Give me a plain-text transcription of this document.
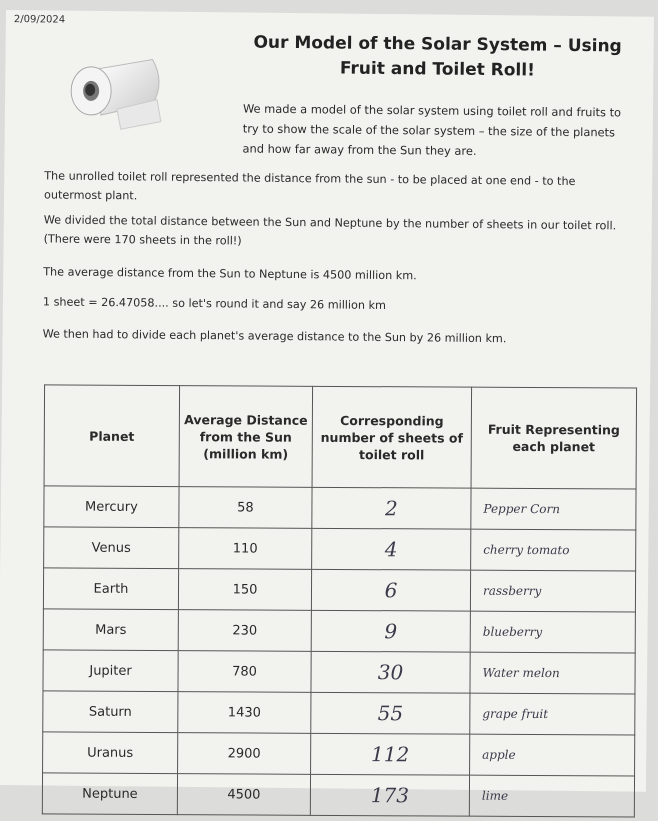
2/09/2024
Our Model of the Solar System – Using
Fruit and Toilet Roll!
We made a model of the solar system using toilet roll and fruits to try to show the scale of the solar system – the size of the planets and how far away from the Sun they are.
The unrolled toilet roll represented the distance from the sun - to be placed at one end - to the outermost plant.
We divided the total distance between the Sun and Neptune by the number of sheets in our toilet roll. (There were 170 sheets in the roll!)
The average distance from the Sun to Neptune is 4500 million km.
1 sheet = 26.47058.... so let's round it and say 26 million km
We then had to divide each planet's average distance to the Sun by 26 million km.
Planet	Average Distance from the Sun (million km)	Corresponding number of sheets of toilet roll	Fruit Representing each planet
Mercury	58	2	Pepper Corn
Venus	110	4	cherry tomato
Earth	150	6	rassberry
Mars	230	9	blueberry
Jupiter	780	30	Water melon
Saturn	1430	55	grape fruit
Uranus	2900	112	apple
Neptune	4500	173	lime
